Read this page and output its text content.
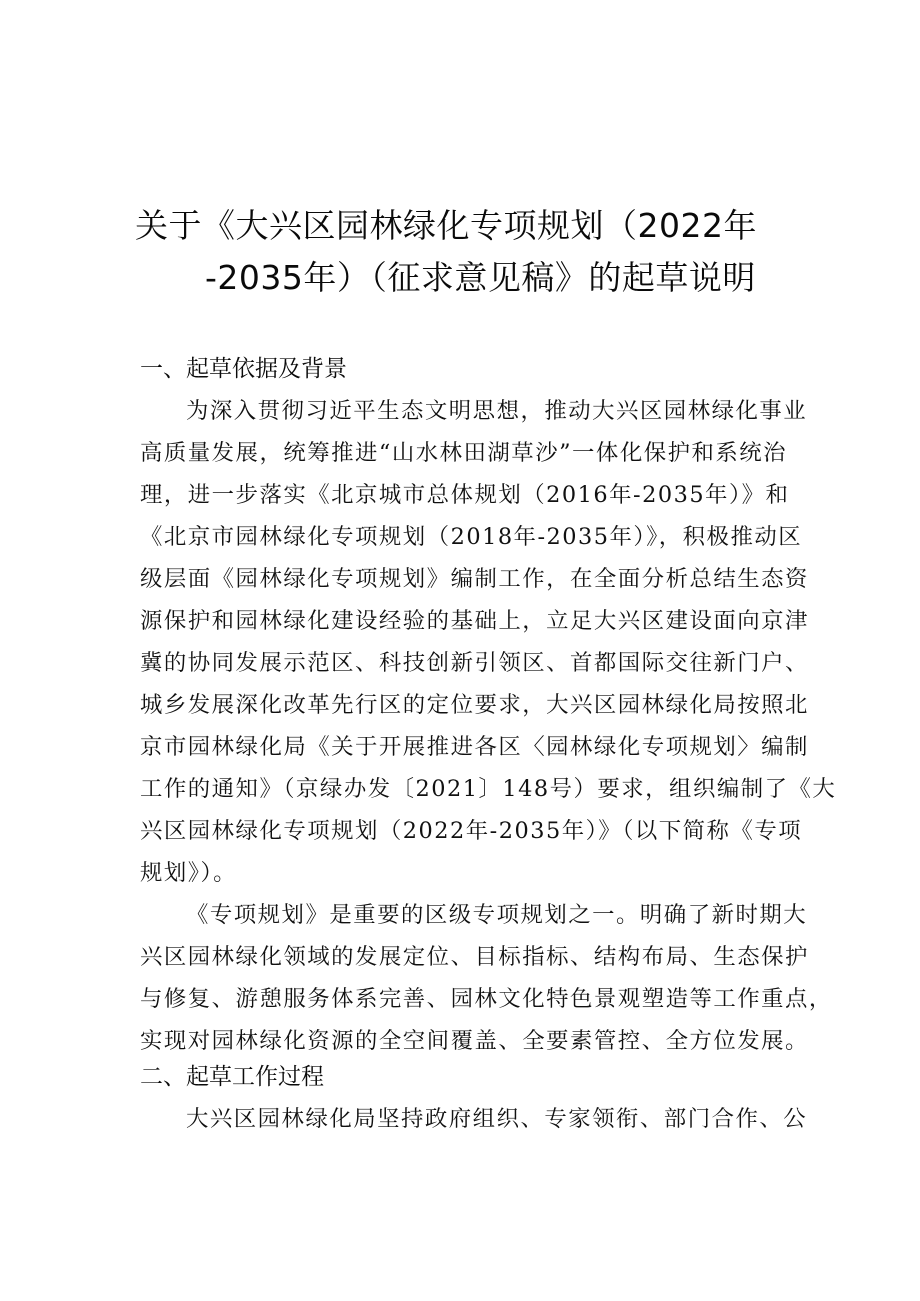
关于《大兴区园林绿化专项规划（2022年
-2035年）（征求意见稿》的起草说明
一、起草依据及背景
为深入贯彻习近平生态文明思想，推动大兴区园林绿化事业
高质量发展，统筹推进“山水林田湖草沙”一体化保护和系统治
理，进一步落实《北京城市总体规划（2016年-2035年）》和
《北京市园林绿化专项规划（2018年-2035年）》，积极推动区
级层面《园林绿化专项规划》编制工作，在全面分析总结生态资
源保护和园林绿化建设经验的基础上，立足大兴区建设面向京津
冀的协同发展示范区、科技创新引领区、首都国际交往新门户、
城乡发展深化改革先行区的定位要求，大兴区园林绿化局按照北
京市园林绿化局《关于开展推进各区〈园林绿化专项规划〉编制
工作的通知》（京绿办发〔2021〕148号）要求，组织编制了《大
兴区园林绿化专项规划（2022年-2035年）》（以下简称《专项
规划》）。
《专项规划》是重要的区级专项规划之一。明确了新时期大
兴区园林绿化领域的发展定位、目标指标、结构布局、生态保护
与修复、游憩服务体系完善、园林文化特色景观塑造等工作重点，
实现对园林绿化资源的全空间覆盖、全要素管控、全方位发展。
二、起草工作过程
大兴区园林绿化局坚持政府组织、专家领衔、部门合作、公
